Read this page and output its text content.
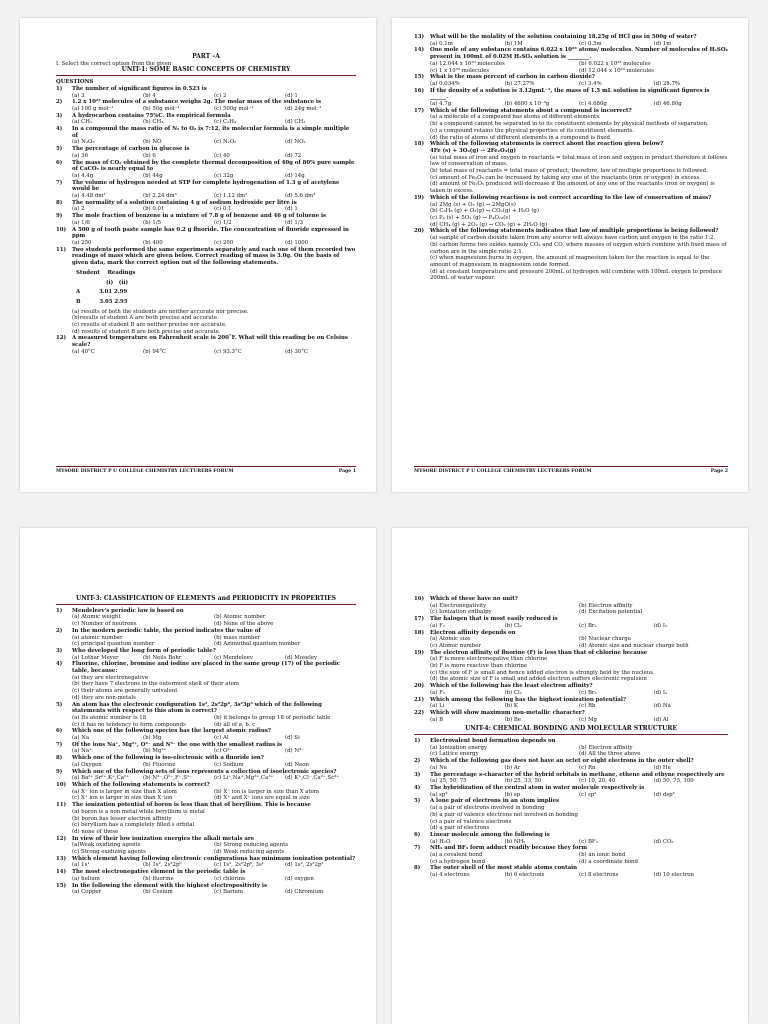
PART –A
I. Select the correct option from the given
UNIT-1: SOME BASIC CONCEPTS OF CHEMISTRY
QUESTIONS
1)	The number of significant figures in 0.523 is
(a) 3	(b) 4	(c) 2	(d) 1
2)	1.2 x 10²² molecules of a substance weighs 2g. The molar mass of the substance is
(a) 100 g mol⁻¹	(b) 50g mol⁻¹	(c) 500g mol⁻¹	(d) 24g mol⁻¹
3)	A hydrocarbon contains 75%C. Its empirical formula
(a) CH₂	(b) CH₄	(c) C₂H₄	(d) CH₃
4)	In a compound the mass ratio of N₂ to O₂ is 7:12, its molecular formula is a simple multiple of
(a) N₂O₃	(b) NO	(c) N₂O₅	(d) NO₂
5)	The percentage of carbon in glucose is
(a) 36	(b) 6	(c) 40	(d) 72
6)	The mass of CO₂ obtained by the complete thermal decomposition of 40g of 80% pure sample of CaCO₃ is nearly equal to
(a) 4.4g	(b) 44g	(c) 32g	(d) 14g
7)	The volume of hydrogen needed at STP for complete hydrogenation of 1.3 g of acetylene would be
(a) 4.48 dm³	(b) 2.24 dm³	(c) 1.12 dm³	(d) 5.6 dm³
8)	The normality of a solution containing 4 g of sodium hydroxide per litre is
(a) 2	(b) 0.01	(c) 0.1	(d) 1
9)	The mole fraction of benzene in a mixture of 7.8 g of benzene and 46 g of toluene is
(a) 1/6	(b) 1/5	(c) 1/2	(d) 1/3
10)	A 500 g of tooth paste sample has 0.2 g fluoride. The concentration of fluoride expressed in ppm
(a) 250	(b) 400	(c) 200	(d) 1000
11)	Two students performed the same experiments separately and each one of them recorded two readings of mass which are given below. Correct reading of mass is 3.0g. On the basis of given data, mark the correct option out of the following statements.
Student Readings
(i) (ii)
A	3.01 2.99
B	3.05 2.95
(a) results of both the students are neither accurate nor precise.
(b)results of student A are both precise and accurate.
(c) results of student B are neither precise nor accurate.
(d) results of student B are both precise and accurate.
12)	A measured temperature on Fahrenheit scale is 200˚F. What will this reading be on Celsius scale?
(a) 40°C	(b) 94°C	(c) 93.3°C	(d) 30°C
MYSORE DISTRICT P U COLLEGE CHEMISTRY LECTURERS FORUM	Page 1
13)	What will be the molality of the solution containing 18.25g of HCl gas in 500g of water?
(a) 0.1m	(b) 1M	(c) 0.5m	(d) 1m
14)	One mole of any substance contains 6.022 x 10²³ atoms/ molecules. Number of molecules of H₂SO₄ present in 100mL of 0.02M H₂SO₄ solution is ________.
(a) 12.044 x 10²⁰ molecules	(b) 6.022 x 10²³ molecules
(c) 1 x 10²³ molecules	(d) 12.044 x 10²³ molecules
15)	What is the mass percent of carbon in carbon dioxide?
(a) 0.034%	(b) 27.27%	(c) 3.4%	(d) 28.7%
16)	If the density of a solution is 3.12gmL⁻¹, the mass of 1.5 mL solution in significant figures is ______.
(a) 4.7g	(b) 4680 x 10⁻³g	(c) 4.680g	(d) 46.80g
17)	Which of the following statements about a compound is incorrect?
(a) a molecule of a compound has atoms of different elements.
(b) a compound cannot be separated in to its constituent elements by physical methods of separation.
(c) a compound retains the physical properties of its constituent elements.
(d) the ratio of atoms of different elements in a compound is fixed.
18)	Which of the following statements is correct about the reaction given below?
4Fe (s) + 3O₂(g) → 2Fe₂O₃(g)
(a) total mass of iron and oxygen in reactants = total mass of iron and oxygen in product therefore it follows law of conservation of mass.
(b) total mass of reactants = total mass of product; therefore, law of multiple proportions is followed.
(c) amount of Fe₂O₃ can be increased by taking any one of the reactants (iron or oxygen) in excess.
(d) amount of Fe₂O₃ produced will decrease if the amount of any one of the reactants (iron or oxygen) is taken in excess.
19)	Which of the following reactions is not correct according to the law of conservation of mass?
(a) 2Mg (s) + O₂ (g) → 2MgO(s)
(b) C₃H₈ (g) + O₂(g) → CO₂(g) + H₂O (g)
(c) P₄ (s) + 5O₂ (g) → P₄O₁₀(s)
(d) CH₄ (g) + 2O₂ (g) → CO₂ (g) + 2H₂O (g)
20)	Which of the following statements indicates that law of multiple proportions is being followed?
(a) sample of carbon dioxide taken from any source will always have carbon and oxygen in the ratio 1:2.
(b) carbon forms two oxides namely CO₂ and CO, where masses of oxygen which combine with fixed mass of carbon are in the simple ratio 2:1.
(c) when magnesium burns in oxygen, the amount of magnesium taken for the reaction is equal to the amount of magnesium in magnesium oxide formed.
(d) at constant temperature and pressure 200mL of hydrogen will combine with 100mL oxygen to produce 200mL of water vapour.
MYSORE DISTRICT P U COLLEGE CHEMISTRY LECTURERS FORUM	Page 2
UNIT-3: CLASSIFICATION OF ELEMENTS and PERIODICITY IN PROPERTIES
1)	Mendeleev's periodic law is based on
(a) Atomic weight	(b) Atomic number
(c) Number of neutrons	(d) None of the above
2)	In the modern periodic table, the period indicates the value of
(a) atomic number	(b) mass number
(c) principal quantum number	(d) Azimuthal quantum number
3)	Who developed the long form of periodic table?
(a) Lothar Meyer	(b) Neils Bohr	(c) Mendeleev	(d) Moseley
4)	Fluorine, chlorine, bromine and iodine are placed in the same group (17) of the periodic table, because:
(a) they are electronegative
(b) they have 7 electrons in the outermost shell of their atom
(c) their atoms are generally univalent
(d) they are non-metals
5)	An atom has the electronic configuration 1s², 2s²2p⁶, 3s²3p³ which of the following statements with respect to this atom is correct?
(a) Its atomic number is 18	(b) it belongs to group 18 of periodic table
(c) it has no tendency to form compounds	(d) all of a, b, c
6)	Which one of the following species has the largest atomic radius?
(a) Na	(b) Mg	(c) Al	(d) Si
7)	Of the ions Na⁺, Mg²⁺, O²⁻ and N³⁻ the one with the smallest radius is
(a) Na⁺	(b) Mg²⁺	(c) O²⁻	(d) N³⁻
8)	Which one of the following is iso-electronic with a fluoride ion?
(a) Oxygen	(b) Fluorine	(c) Sodium	(d) Neon
9)	Which one of the following sets of ions represents a collection of isoelectronic species?
(a) Ba²⁺,Sr²⁺,K⁺,Ca²⁺	(b) N³⁻,O²⁻,F⁻,S²⁻	(c) Li⁺,Na⁺,Mg²⁺,Ca²⁺	(d) K⁺,Cl⁻,Ca²⁺,Sc³⁺
10)	Which of the following statements is correct?
(a) X⁻ ion is larger in size than X atom	(b) X⁻ ion is larger in size than X atom
(c) X⁺ ion is larger in size than X⁻ion	(d) X⁺ and X⁻ ions are equal in size
11)	The ionization potential of boron is less than that of beryllium. This is because
(a) boron is a non metal while beryllium is metal
(b) boron has lesser electron affinity
(c) beryllium has a completely filled s orbital
(d) none of these
12)	In view of their low ionization energies the alkali metals are
(a)Weak oxidizing agents	(b) Strong reducing agents
(c) Strong oxidizing agents	(d) Weak reducing agents
13)	Which element having following electronic configurations has minimum ionization potential?
(a) 1s¹	(b) 1s², 2s²2p⁶	(c) 1s², 2s²2p⁶, 3s¹	(d) 1s², 2s²2p²
14)	The most electronegative element in the periodic table is
(a) helium	(b) fluorine	(c) chlorine	(d) oxygen
15)	In the following the element with the highest electropositivity is
(a) Copper	(b) Cesium	(c) Barium	(d) Chromium
16)	Which of these have no unit?
(a) Electronegativity	(b) Electron affinity
(c) Ionization enthalpy	(d) Excitation potential
17)	The halogen that is most easily reduced is
(a) F₂	(b) Cl₂	(c) Br₂	(d) I₂
18)	Electron affinity depends on
(a) Atomic size	(b) Nuclear charge
(c) Atomic number	(d) Atomic size and nuclear charge both
19)	The electron affinity of fluorine (F) is less than that of chlorine because
(a) F is more electronegative than chlorine
(b) F is more reactive than chlorine
(c) the size of F is small and hence added electron is strongly held by the nucleus.
(d) the atomic size of F is small and added electron suffers electronic repulsion
20)	Which of the following has the least electron affinity?
(a) F₂	(b) Cl₂	(c) Br₂	(d) I₂
21)	Which among the following has the highest ionization potential?
(a) Li	(b) K	(c) Rb	(d) Na
22)	Which will show maximum non-metallic character?
(a) B	(b) Be	(c) Mg	(d) Al
UNIT-4: CHEMICAL BONDING AND MOLECULAR STRUCTURE
1)	Electrovalent bond formation depends on
(a) Ionization energy	(b) Electron affinity
(c) Lattice energy	(d) All the three above
2)	Which of the following gas does not have an octet or eight electrons in the outer shell?
(a) Ne	(b) Ar	(c) Rn	(d) He
3)	The percentage s-character of the hybrid orbitals in methane, ethene and ethyne respectively are
(a) 25, 50, 75	(b) 25, 33, 50	(c) 10, 20, 40	(d) 50, 75, 100
4)	The hybridization of the central atom in water molecule respectively is
(a) sp³	(b) sp	(c) sp²	(d) dsp²
5)	A lone pair of electrons in an atom implies
(a) a pair of electrons involved in bonding
(b) a pair of valence electrons not involved in bonding
(c) a pair of valence electrons
(d) a pair of electrons
6)	Linear molecule among the following is
(a) H₂O	(b) NH₃	(c) BF₃	(d) CO₂
7)	NH₃ and BF₃ form adduct readily because they form
(a) a covalent bond	(b) an ionic bond
(c) a hydrogen bond	(d) a coordinate bond
8)	The outer shell of the most stable atoms contain
(a) 4 electrons	(b) 6 electrons	(c) 8 electrons	(d) 10 electron
